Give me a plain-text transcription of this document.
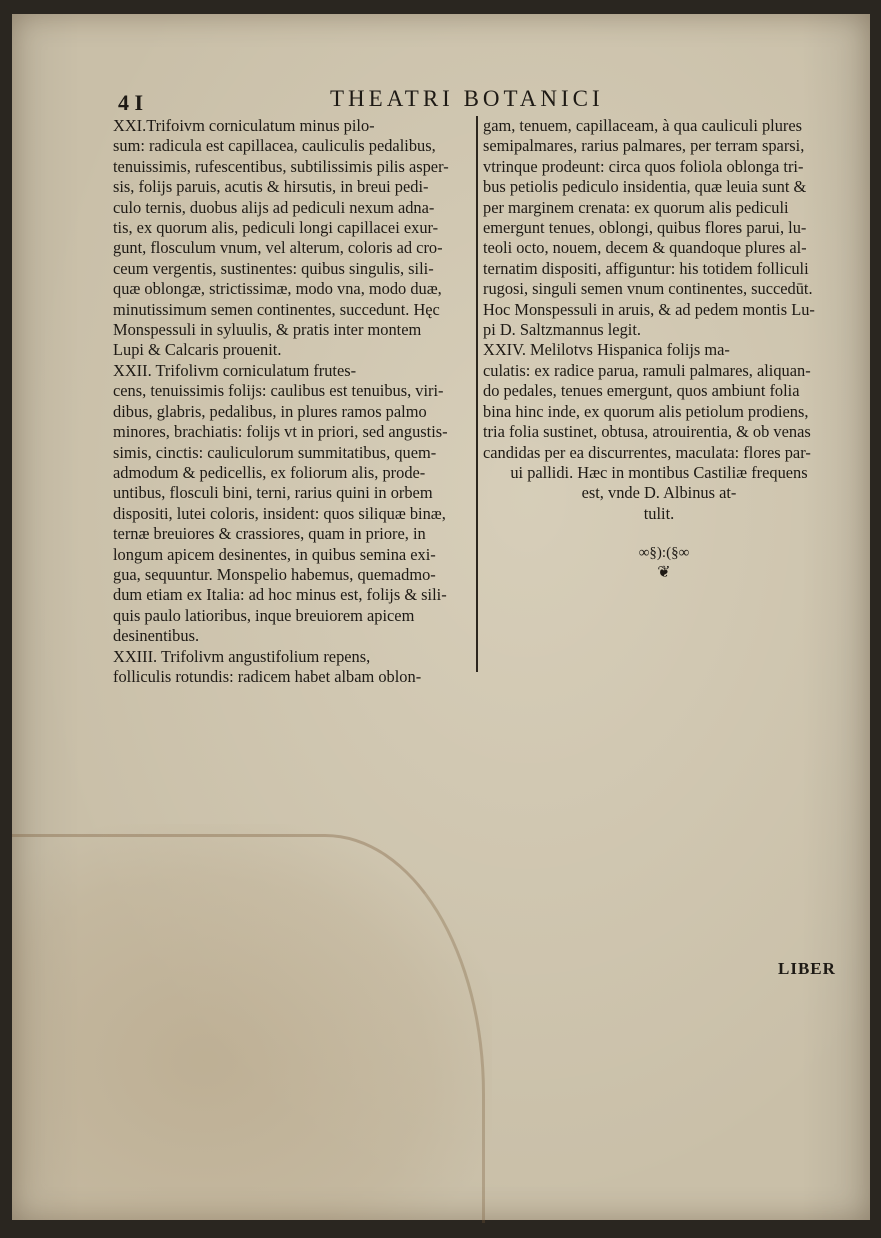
4 I	THEATRI BOTANICI
XXI.Trifoivm corniculatum minus pilo-
sum: radicula est capillacea, cauliculis pedalibus,
tenuissimis, rufescentibus, subtilissimis pilis asper-
sis, folijs paruis, acutis & hirsutis, in breui pedi-
culo ternis, duobus alijs ad pediculi nexum adna-
tis, ex quorum alis, pediculi longi capillacei exur-
gunt, flosculum vnum, vel alterum, coloris ad cro-
ceum vergentis, sustinentes: quibus singulis, sili-
quæ oblongæ, strictissimæ, modo vna, modo duæ,
minutissimum semen continentes, succedunt. Hęc
Monspessuli in syluulis, & pratis inter montem
Lupi & Calcaris prouenit.
XXII. Trifolivm corniculatum frutes-
cens, tenuissimis folijs: caulibus est tenuibus, viri-
dibus, glabris, pedalibus, in plures ramos palmo
minores, brachiatis: folijs vt in priori, sed angustis-
simis, cinctis: cauliculorum summitatibus, quem-
admodum & pedicellis, ex foliorum alis, prode-
untibus, flosculi bini, terni, rarius quini in orbem
dispositi, lutei coloris, insident: quos siliquæ binæ,
ternæ breuiores & crassiores, quam in priore, in
longum apicem desinentes, in quibus semina exi-
gua, sequuntur. Monspelio habemus, quemadmo-
dum etiam ex Italia: ad hoc minus est, folijs & sili-
quis paulo latioribus, inque breuiorem apicem
desinentibus.
XXIII. Trifolivm angustifolium repens,
folliculis rotundis: radicem habet albam oblon-
gam, tenuem, capillaceam, à qua cauliculi plures
semipalmares, rarius palmares, per terram sparsi,
vtrinque prodeunt: circa quos foliola oblonga tri-
bus petiolis pediculo insidentia, quæ leuia sunt &
per marginem crenata: ex quorum alis pediculi
emergunt tenues, oblongi, quibus flores parui, lu-
teoli octo, nouem, decem & quandoque plures al-
ternatim dispositi, affiguntur: his totidem folliculi
rugosi, singuli semen vnum continentes, succedūt.
Hoc Monspessuli in aruis, & ad pedem montis Lu-
pi D. Saltzmannus legit.
XXIV. Melilotvs Hispanica folijs ma-
culatis: ex radice parua, ramuli palmares, aliquan-
do pedales, tenues emergunt, quos ambiunt folia
bina hinc inde, ex quorum alis petiolum prodiens,
tria folia sustinet, obtusa, atrouirentia, & ob venas
candidas per ea discurrentes, maculata: flores par-
ui pallidi. Hæc in montibus Castiliæ frequens
est, vnde D. Albinus at-
tulit.
∞§):(§∞
❦
LIBER
